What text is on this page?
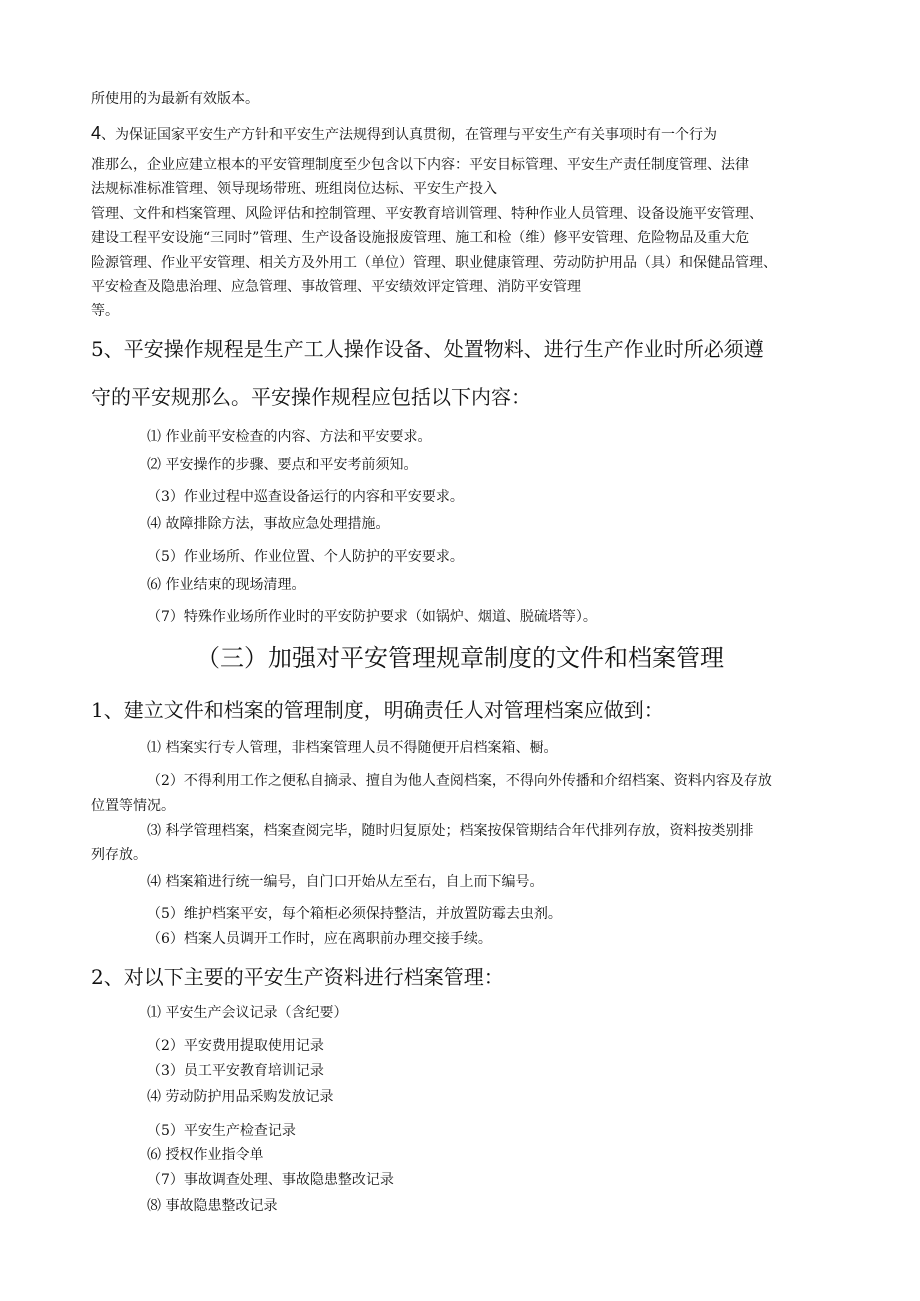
所使用的为最新有效版本。

4、为保证国家平安生产方针和平安生产法规得到认真贯彻，在管理与平安生产有关事项时有一个行为

准那么，企业应建立根本的平安管理制度至少包含以下内容：平安目标管理、平安生产责任制度管理、法律

法规标准标准管理、领导现场带班、班组岗位达标、平安生产投入

管理、文件和档案管理、风险评估和控制管理、平安教育培训管理、特种作业人员管理、设备设施平安管理、

建设工程平安设施“三同时”管理、生产设备设施报废管理、施工和检（维）修平安管理、危险物品及重大危

险源管理、作业平安管理、相关方及外用工（单位）管理、职业健康管理、劳动防护用品（具）和保健品管理、

平安检查及隐患治理、应急管理、事故管理、平安绩效评定管理、消防平安管理

等。

5、平安操作规程是生产工人操作设备、处置物料、进行生产作业时所必须遵

守的平安规那么。平安操作规程应包括以下内容：

⑴ 作业前平安检查的内容、方法和平安要求。

⑵ 平安操作的步骤、要点和平安考前须知。

（3）作业过程中巡查设备运行的内容和平安要求。

⑷ 故障排除方法，事故应急处理措施。

（5）作业场所、作业位置、个人防护的平安要求。

⑹ 作业结束的现场清理。

（7）特殊作业场所作业时的平安防护要求（如锅炉、烟道、脱硫塔等）。

（三）加强对平安管理规章制度的文件和档案管理

1、建立文件和档案的管理制度，明确责任人对管理档案应做到：

⑴ 档案实行专人管理，非档案管理人员不得随便开启档案箱、橱。

（2）不得利用工作之便私自摘录、擅自为他人查阅档案，不得向外传播和介绍档案、资料内容及存放

位置等情况。

⑶ 科学管理档案，档案查阅完毕，随时归复原处；档案按保管期结合年代排列存放，资料按类别排

列存放。

⑷ 档案箱进行统一编号，自门口开始从左至右，自上而下编号。

（5）维护档案平安，每个箱柜必须保持整洁，并放置防霉去虫剂。

（6）档案人员调开工作时，应在离职前办理交接手续。

2、对以下主要的平安生产资料进行档案管理：

⑴ 平安生产会议记录（含纪要）

（2）平安费用提取使用记录

（3）员工平安教育培训记录

⑷ 劳动防护用品采购发放记录

（5）平安生产检查记录

⑹ 授权作业指令单

（7）事故调查处理、事故隐患整改记录

⑻ 事故隐患整改记录
